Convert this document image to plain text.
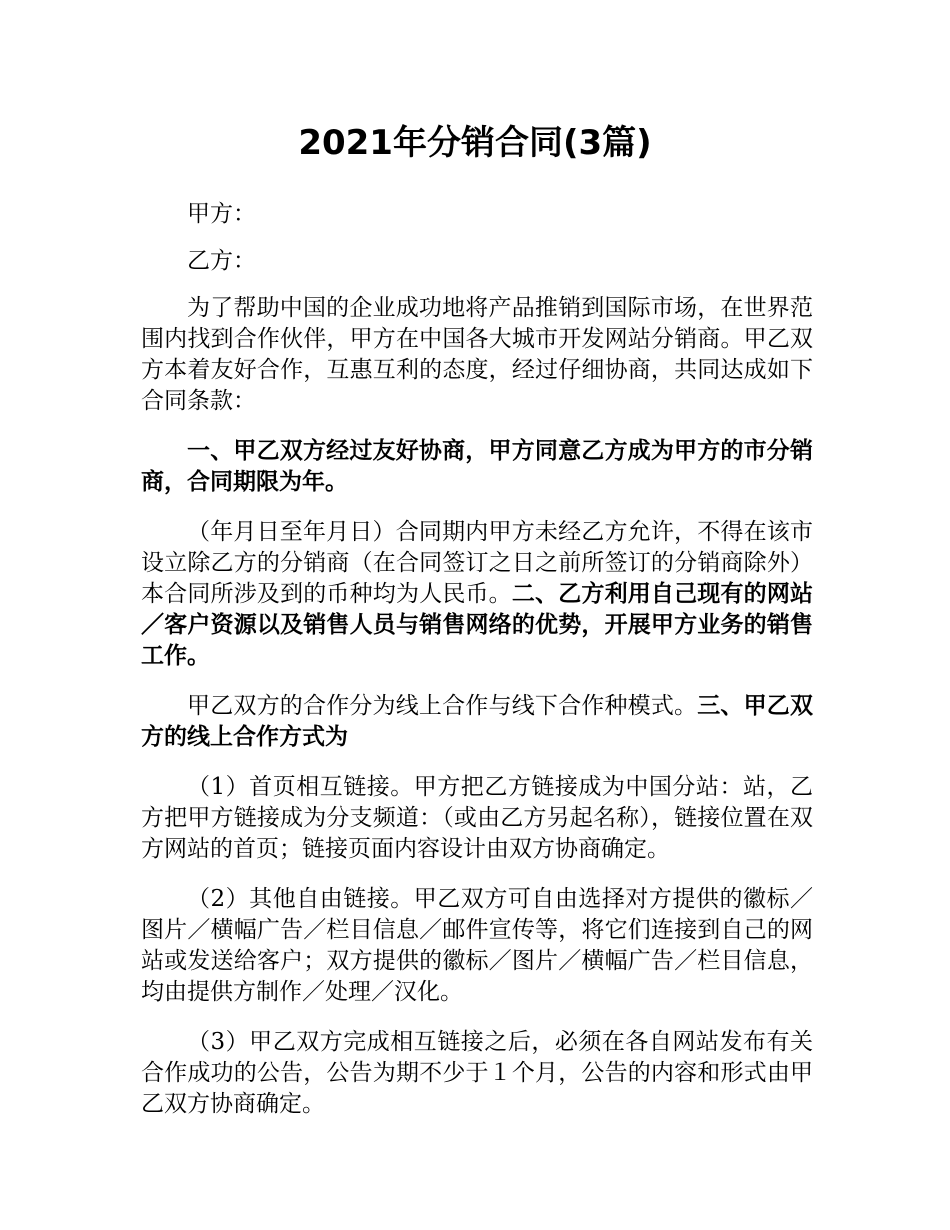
2021年分销合同(3篇)

甲方：

乙方：

为了帮助中国的企业成功地将产品推销到国际市场，在世界范围内找到合作伙伴，甲方在中国各大城市开发网站分销商。甲乙双方本着友好合作，互惠互利的态度，经过仔细协商，共同达成如下合同条款：

一、甲乙双方经过友好协商，甲方同意乙方成为甲方的市分销商，合同期限为年。

（年月日至年月日）合同期内甲方未经乙方允许，不得在该市设立除乙方的分销商（在合同签订之日之前所签订的分销商除外）本合同所涉及到的币种均为人民币。二、乙方利用自己现有的网站／客户资源以及销售人员与销售网络的优势，开展甲方业务的销售工作。

甲乙双方的合作分为线上合作与线下合作种模式。三、甲乙双方的线上合作方式为

（1）首页相互链接。甲方把乙方链接成为中国分站：站，乙方把甲方链接成为分支频道：（或由乙方另起名称），链接位置在双方网站的首页；链接页面内容设计由双方协商确定。

（2）其他自由链接。甲乙双方可自由选择对方提供的徽标／图片／横幅广告／栏目信息／邮件宣传等，将它们连接到自己的网站或发送给客户；双方提供的徽标／图片／横幅广告／栏目信息，均由提供方制作／处理／汉化。

（3）甲乙双方完成相互链接之后，必须在各自网站发布有关合作成功的公告，公告为期不少于１个月，公告的内容和形式由甲乙双方协商确定。
